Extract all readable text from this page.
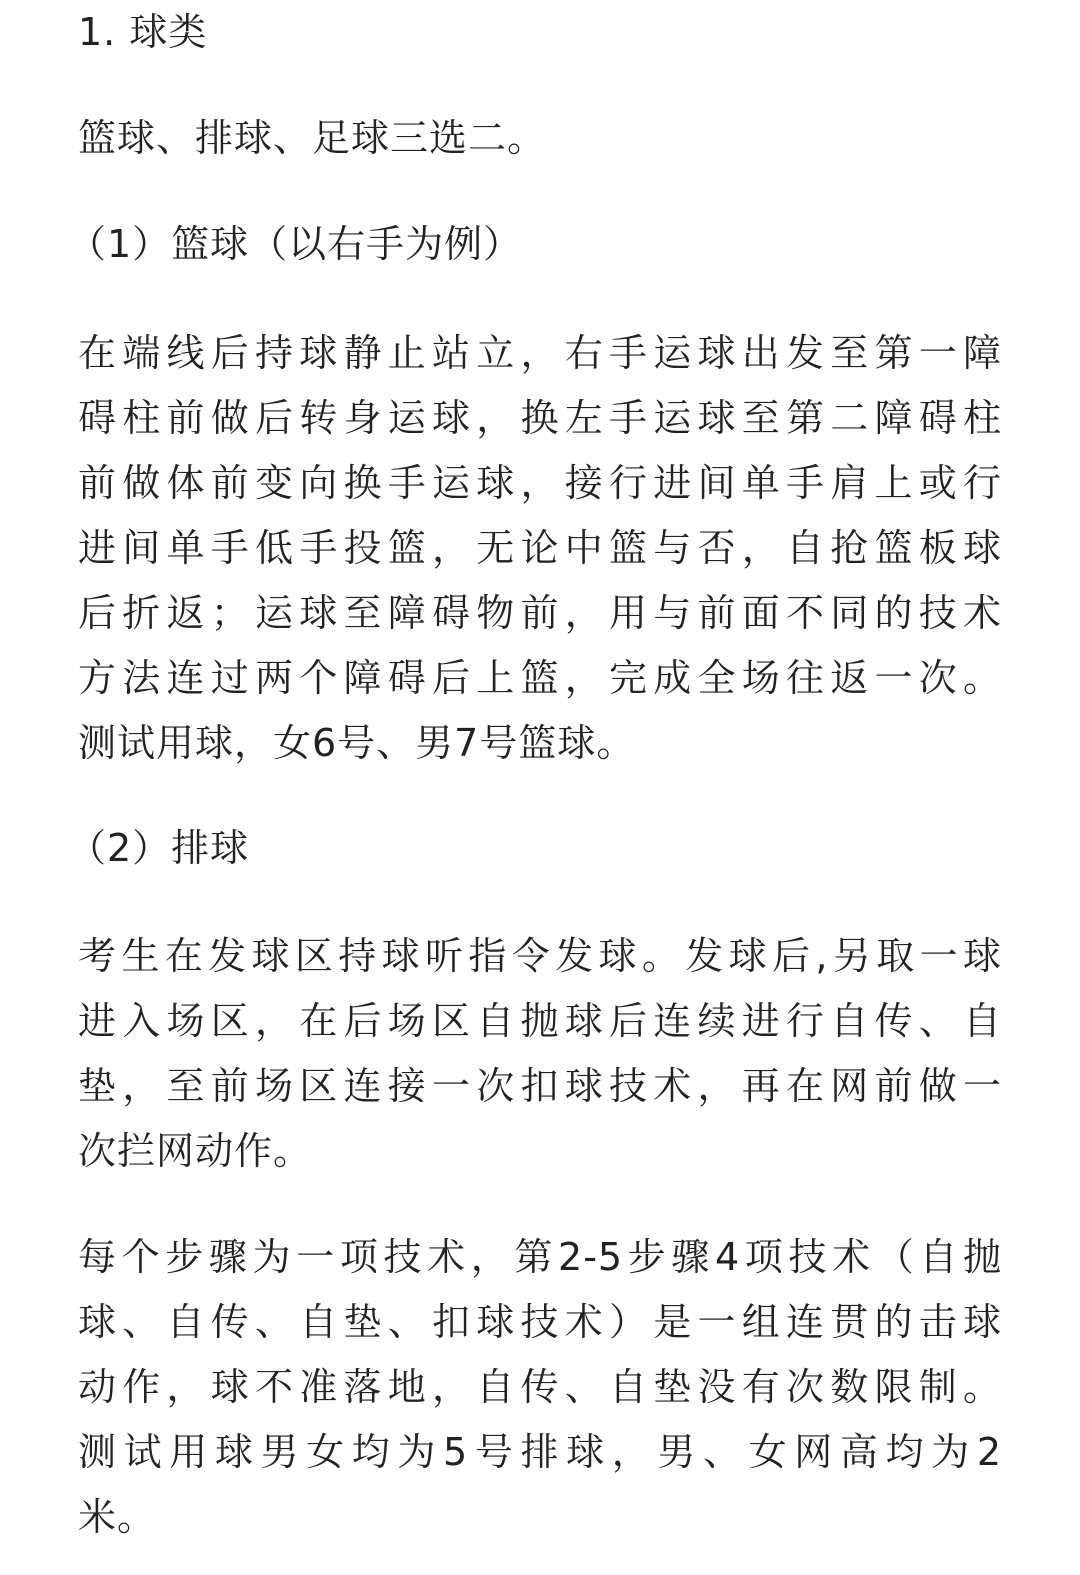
1. 球类
篮球、排球、足球三选二。
（1）篮球（以右手为例）
在端线后持球静止站立，右手运球出发至第一障
碍柱前做后转身运球，换左手运球至第二障碍柱
前做体前变向换手运球，接行进间单手肩上或行
进间单手低手投篮，无论中篮与否，自抢篮板球
后折返；运球至障碍物前，用与前面不同的技术
方法连过两个障碍后上篮，完成全场往返一次。
测试用球，女6号、男7号篮球。
（2）排球
考生在发球区持球听指令发球。发球后,另取一球
进入场区，在后场区自抛球后连续进行自传、自
垫，至前场区连接一次扣球技术，再在网前做一
次拦网动作。
每个步骤为一项技术，第2-5步骤4项技术（自抛
球、自传、自垫、扣球技术）是一组连贯的击球
动作，球不准落地，自传、自垫没有次数限制。
测试用球男女均为5号排球，男、女网高均为2
米。
